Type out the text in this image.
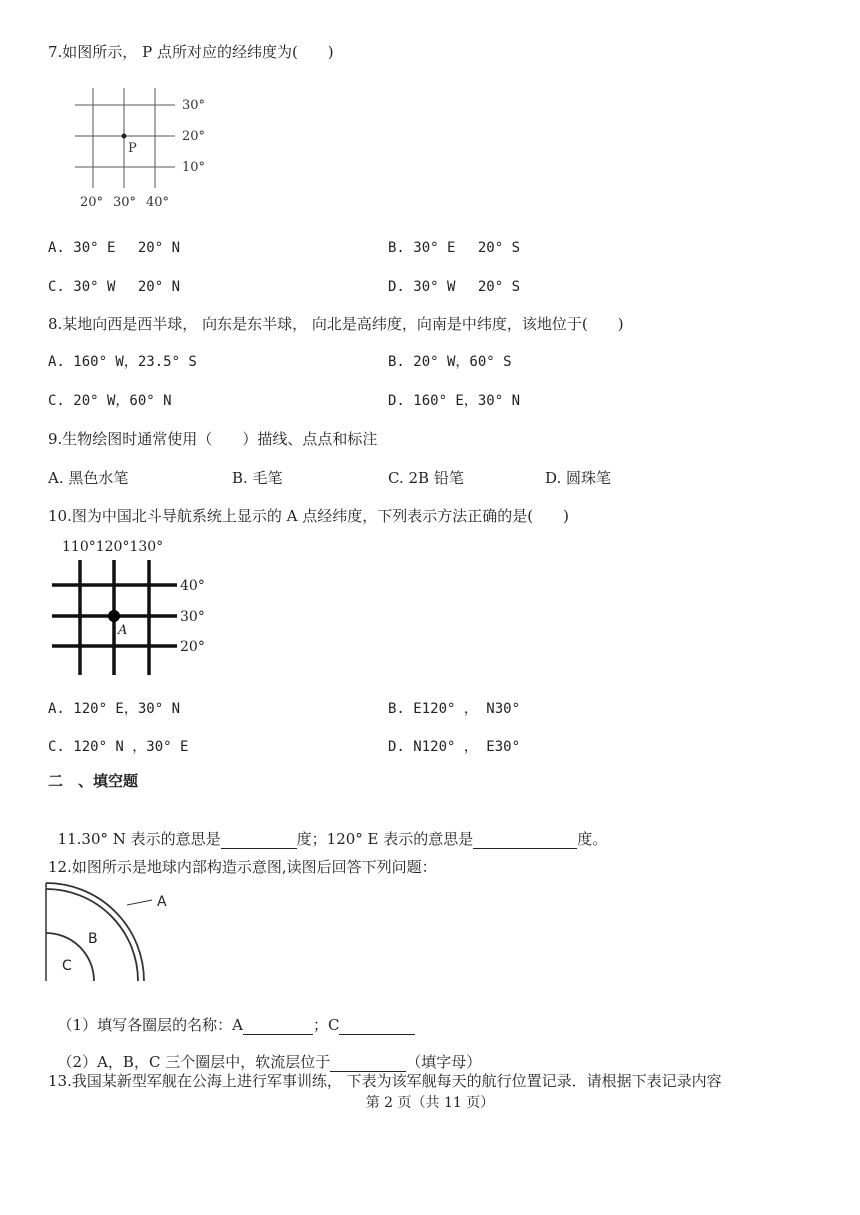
7.如图所示， P 点所对应的经纬度为(　　)
P
30°
20°
10°
20° 30° 40°
A. 30° E　 20° N	B. 30° E　 20° S
C. 30° W　 20° N	D. 30° W　 20° S
8.某地向西是西半球， 向东是东半球， 向北是高纬度，向南是中纬度，该地位于(　　)
A. 160° W，23.5° S	B. 20° W，60° S
C. 20° W，60° N	D. 160° E，30° N
9.生物绘图时通常使用（　　）描线、点点和标注
A. 黑色水笔	B. 毛笔	C. 2B 铅笔	D. 圆珠笔
10.图为中国北斗导航系统上显示的 A 点经纬度，下列表示方法正确的是(　　)
110°120°130°
A
40°
30°
20°
A. 120° E，30° N	B. E120° ， N30°
C. 120° N ，30° E	D. N120° ， E30°
二　、填空题

11.30° N 表示的意思是	度；120° E 表示的意思是	度。

12.如图所示是地球内部构造示意图,读图后回答下列问题：
A
B
C

（1）填写各圈层的名称：A	；C

（2）A，B，C 三个圈层中，软流层位于	（填字母）

13.我国某新型军舰在公海上进行军事训练， 下表为该军舰每天的航行位置记录．请根据下表记录内容
第 2 页（共 11 页）
